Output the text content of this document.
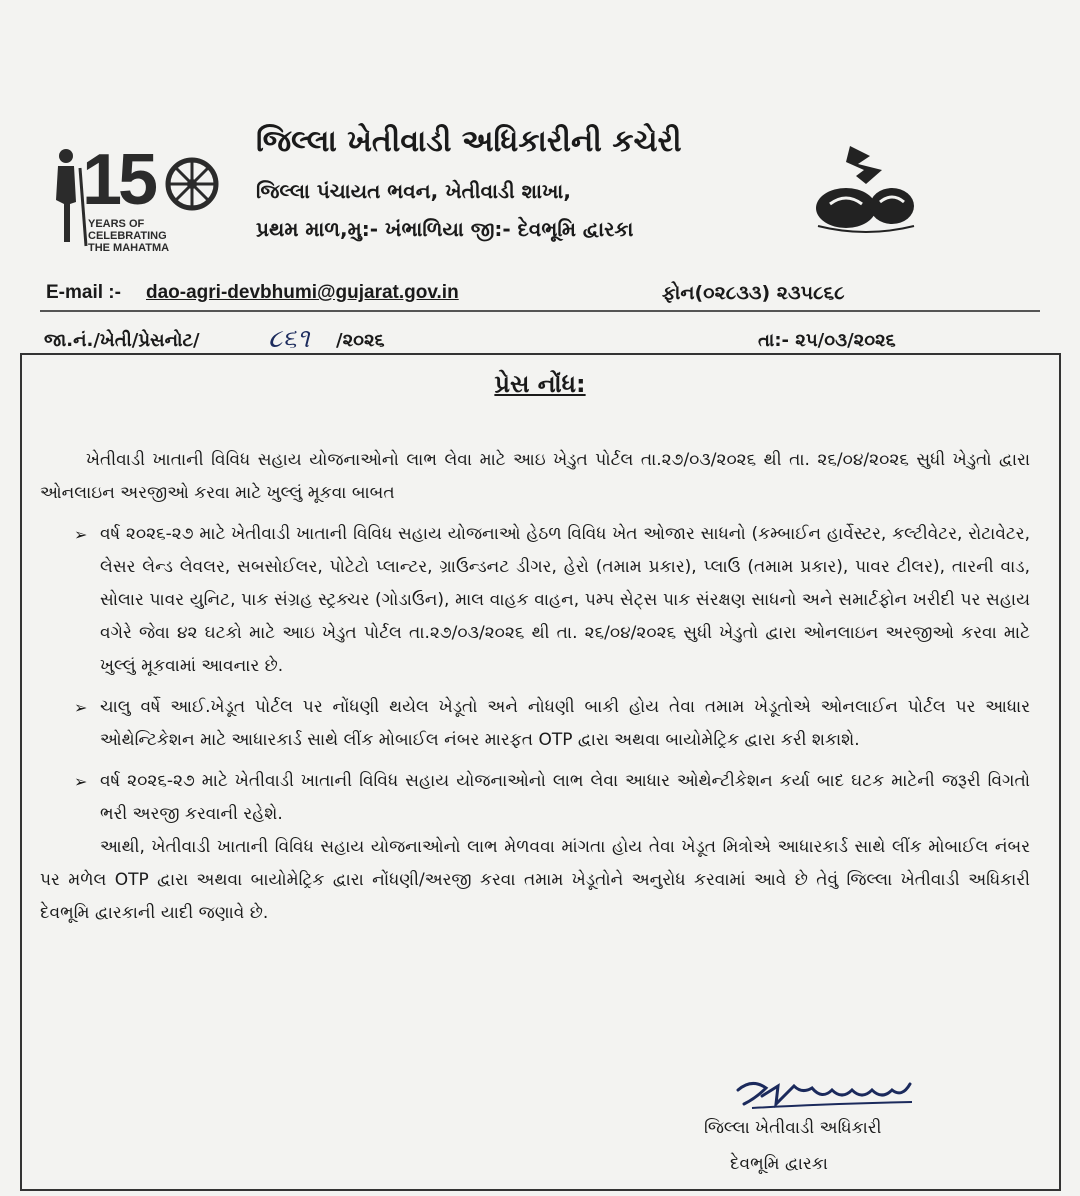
15
YEARS OF
CELEBRATING
THE MAHATMA
જિલ્લા ખેતીવાડી અધિકારીની કચેરી
જિલ્લા પંચાયત ભવન, ખેતીવાડી શાખા,
પ્રથમ માળ,મુ:- ખંભાળિયા જી:- દેવભૂમિ દ્વારકા
E-mail :- dao-agri-devbhumi@gujarat.gov.in	ફોન(૦૨૮૩૩) ૨૩૫૮૬૮
જા.નં./ખેતી/પ્રેસનોટ/	૮૬૧ /૨૦૨૬	તા:- ૨૫/૦૩/૨૦૨૬
પ્રેસ નોંધ:
ખેતીવાડી ખાતાની વિવિધ સહાય યોજનાઓનો લાભ લેવા માટે આઇ ખેડુત પોર્ટલ તા.૨૭/૦૩/૨૦૨૬ થી તા. ૨૬/૦૪/૨૦૨૬ સુધી ખેડુતો દ્વારા ઓનલાઇન અરજીઓ કરવા માટે ખુલ્લું મૂકવા બાબત
➢ વર્ષ ૨૦૨૬-૨૭ માટે ખેતીવાડી ખાતાની વિવિધ સહાય યોજનાઓ હેઠળ વિવિધ ખેત ઓજાર સાધનો (કમ્બાઈન હાર્વેસ્ટર, કલ્ટીવેટર, રોટાવેટર, લેસર લેન્ડ લેવલર, સબસોઈલર, પોટેટો પ્લાન્ટર, ગ્રાઉન્ડનટ ડીગર, હેરો (તમામ પ્રકાર), પ્લાઉ (તમામ પ્રકાર), પાવર ટીલર), તારની વાડ, સોલાર પાવર યુનિટ, પાક સંગ્રહ સ્ટ્રક્ચર (ગોડાઉન), માલ વાહક વાહન, પમ્પ સેટ્સ પાક સંરક્ષણ સાધનો અને સમાર્ટફોન ખરીદી પર સહાય વગેરે જેવા ૪૨ ઘટકો માટે આઇ ખેડુત પોર્ટલ તા.૨૭/૦૩/૨૦૨૬ થી તા. ૨૬/૦૪/૨૦૨૬ સુધી ખેડુતો દ્વારા ઓનલાઇન અરજીઓ કરવા માટે ખુલ્લું મૂકવામાં આવનાર છે.
➢ ચાલુ વર્ષે આઈ.ખેડૂત પોર્ટલ પર નોંધણી થયેલ ખેડૂતો અને નોધણી બાકી હોય તેવા તમામ ખેડૂતોએ ઓનલાઈન પોર્ટલ પર આધાર ઓથેન્ટિકેશન માટે આધારકાર્ડ સાથે લીંક મોબાઈલ નંબર મારફત OTP દ્વારા અથવા બાયોમેટ્રિક દ્વારા કરી શકાશે.
➢ વર્ષ ૨૦૨૬-૨૭ માટે ખેતીવાડી ખાતાની વિવિધ સહાય યોજનાઓનો લાભ લેવા આધાર ઓથેન્ટીકેશન કર્યા બાદ ઘટક માટેની જરૂરી વિગતો ભરી અરજી કરવાની રહેશે.
આથી, ખેતીવાડી ખાતાની વિવિધ સહાય યોજનાઓનો લાભ મેળવવા માંગતા હોય તેવા ખેડૂત મિત્રોએ આધારકાર્ડ સાથે લીંક મોબાઈલ નંબર પર મળેલ OTP દ્વારા અથવા બાયોમેટ્રિક દ્વારા નોંધણી/અરજી કરવા તમામ ખેડૂતોને અનુરોધ કરવામાં આવે છે તેવું જિલ્લા ખેતીવાડી અધિકારી દેવભૂમિ દ્વારકાની યાદી જણાવે છે.
જિલ્લા ખેતીવાડી અધિકારી
દેવભૂમિ દ્વારકા
